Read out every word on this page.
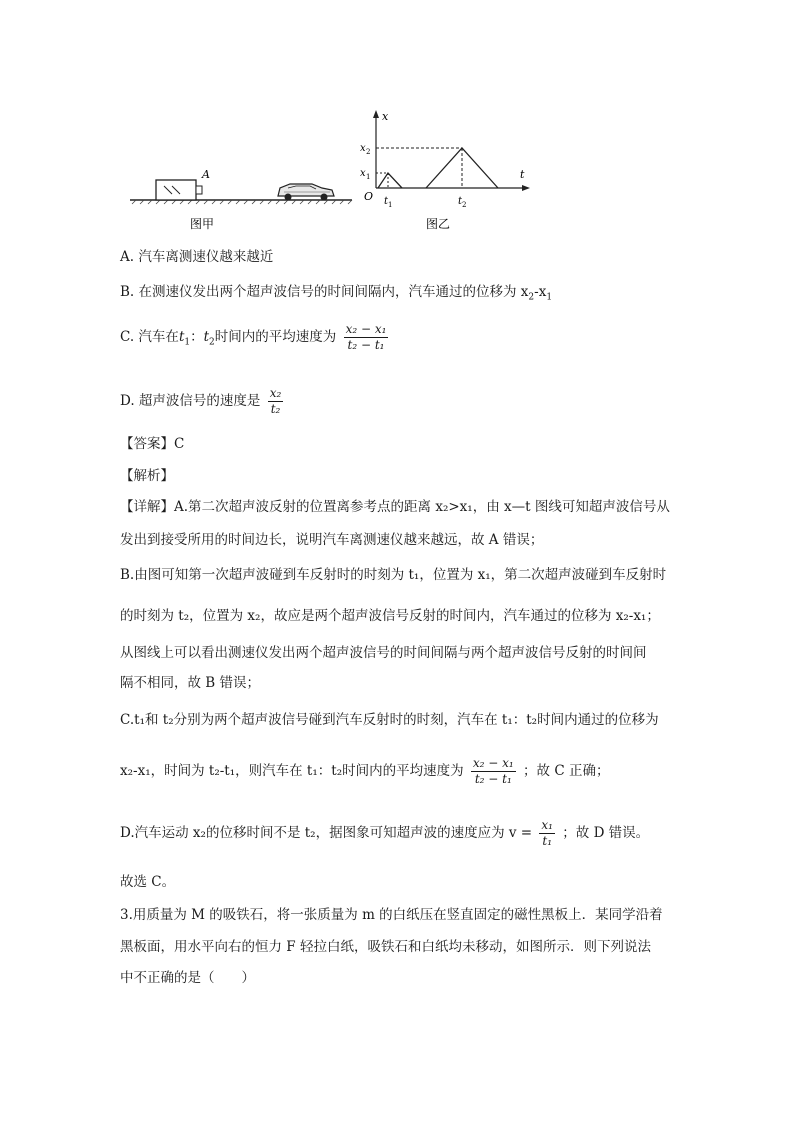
A
图甲
x
t
O
x 2
x 1
t 1	t 2
图乙
A. 汽车离测速仪越来越近
B. 在测速仪发出两个超声波信号的时间间隔内，汽车通过的位移为 $x_2-x_1$
C. 汽车在$t_1$：$t_2$时间内的平均速度为 $\frac{\text{x₂ − x₁}}{\text{t₂ − t₁}}$
D. 超声波信号的速度是 $\frac{\text{x₂}}{\text{t₂}}$
【答案】C
【解析】
【详解】A.第二次超声波反射的位置离参考点的距离 x₂>x₁，由 x—t 图线可知超声波信号从
发出到接受所用的时间边长，说明汽车离测速仪越来越远，故 A 错误；
B.由图可知第一次超声波碰到车反射时的时刻为 t₁，位置为 x₁，第二次超声波碰到车反射时
的时刻为 t₂，位置为 x₂，故应是两个超声波信号反射的时间内，汽车通过的位移为 x₂-x₁；
从图线上可以看出测速仪发出两个超声波信号的时间间隔与两个超声波信号反射的时间间
隔不相同，故 B 错误；
C.t₁和 t₂分别为两个超声波信号碰到汽车反射时的时刻，汽车在 t₁：t₂时间内通过的位移为
x₂-x₁，时间为 t₂-t₁，则汽车在 t₁：t₂时间内的平均速度为 $\frac{\text{x₂ − x₁}}{\text{t₂ − t₁}}$ ；故 C 正确；
D.汽车运动 x₂的位移时间不是 t₂，据图象可知超声波的速度应为 $v = \frac{\text{x₁}}{\text{t₁}}$ ；故 D 错误。
故选 C。
3.用质量为 M 的吸铁石，将一张质量为 m 的白纸压在竖直固定的磁性黑板上．某同学沿着
黑板面，用水平向右的恒力 F 轻拉白纸，吸铁石和白纸均未移动，如图所示．则下列说法
中不正确的是（　　）
